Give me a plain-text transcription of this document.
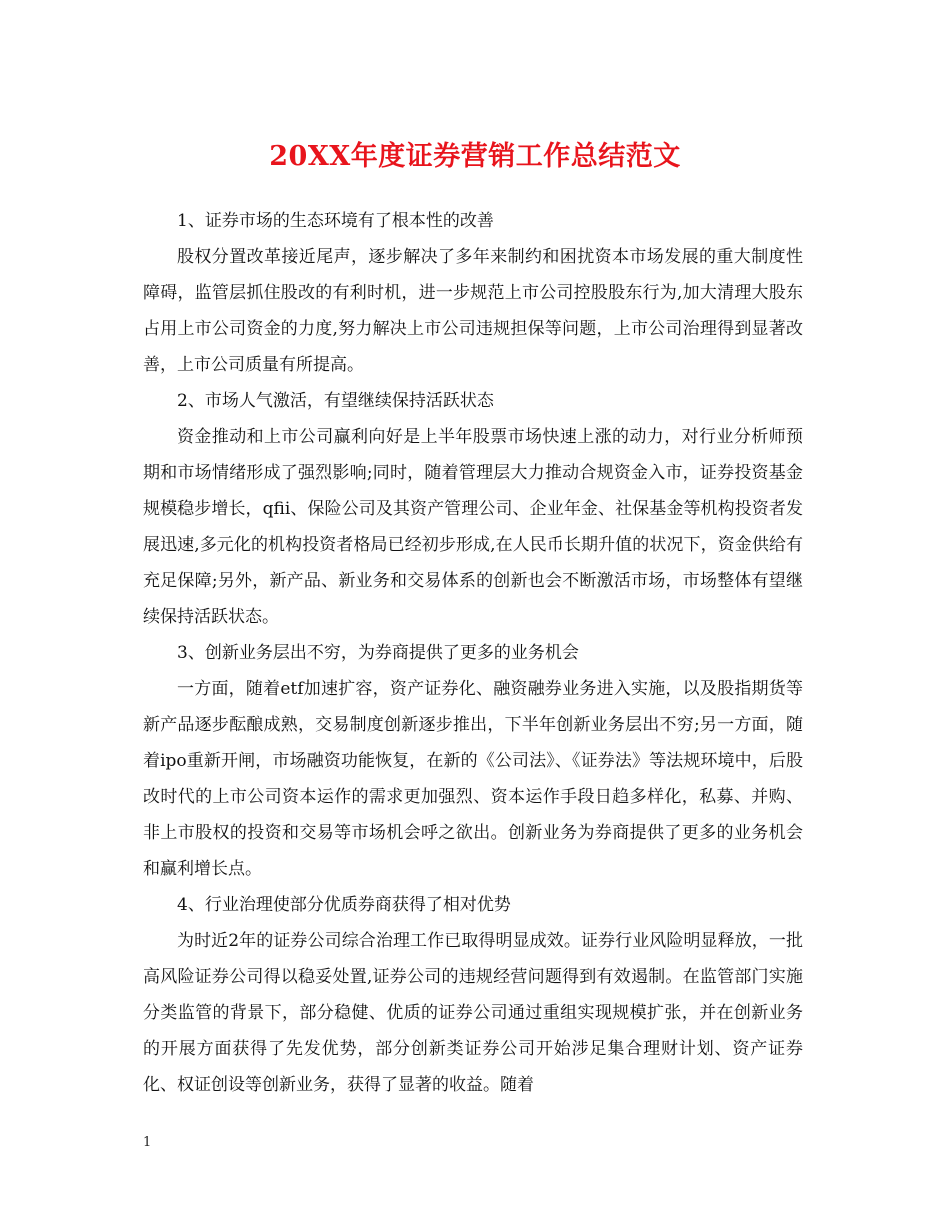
20XX年度证券营销工作总结范文

1、证券市场的生态环境有了根本性的改善

股权分置改革接近尾声，逐步解决了多年来制约和困扰资本市场发展的重大制度性障碍，监管层抓住股改的有利时机，进一步规范上市公司控股股东行为,加大清理大股东占用上市公司资金的力度,努力解决上市公司违规担保等问题，上市公司治理得到显著改善，上市公司质量有所提高。

2、市场人气激活，有望继续保持活跃状态

资金推动和上市公司赢利向好是上半年股票市场快速上涨的动力，对行业分析师预期和市场情绪形成了强烈影响;同时，随着管理层大力推动合规资金入市，证券投资基金规模稳步增长，qfii、保险公司及其资产管理公司、企业年金、社保基金等机构投资者发展迅速,多元化的机构投资者格局已经初步形成,在人民币长期升值的状况下，资金供给有充足保障;另外，新产品、新业务和交易体系的创新也会不断激活市场，市场整体有望继续保持活跃状态。

3、创新业务层出不穷，为券商提供了更多的业务机会

一方面，随着etf加速扩容，资产证券化、融资融券业务进入实施，以及股指期货等新产品逐步酝酿成熟，交易制度创新逐步推出，下半年创新业务层出不穷;另一方面，随着ipo重新开闸，市场融资功能恢复，在新的《公司法》、《证券法》等法规环境中，后股改时代的上市公司资本运作的需求更加强烈、资本运作手段日趋多样化，私募、并购、非上市股权的投资和交易等市场机会呼之欲出。创新业务为券商提供了更多的业务机会和赢利增长点。

4、行业治理使部分优质券商获得了相对优势

为时近2年的证券公司综合治理工作已取得明显成效。证券行业风险明显释放，一批高风险证券公司得以稳妥处置,证券公司的违规经营问题得到有效遏制。在监管部门实施分类监管的背景下，部分稳健、优质的证券公司通过重组实现规模扩张，并在创新业务的开展方面获得了先发优势，部分创新类证券公司开始涉足集合理财计划、资产证券化、权证创设等创新业务，获得了显著的收益。随着

1
